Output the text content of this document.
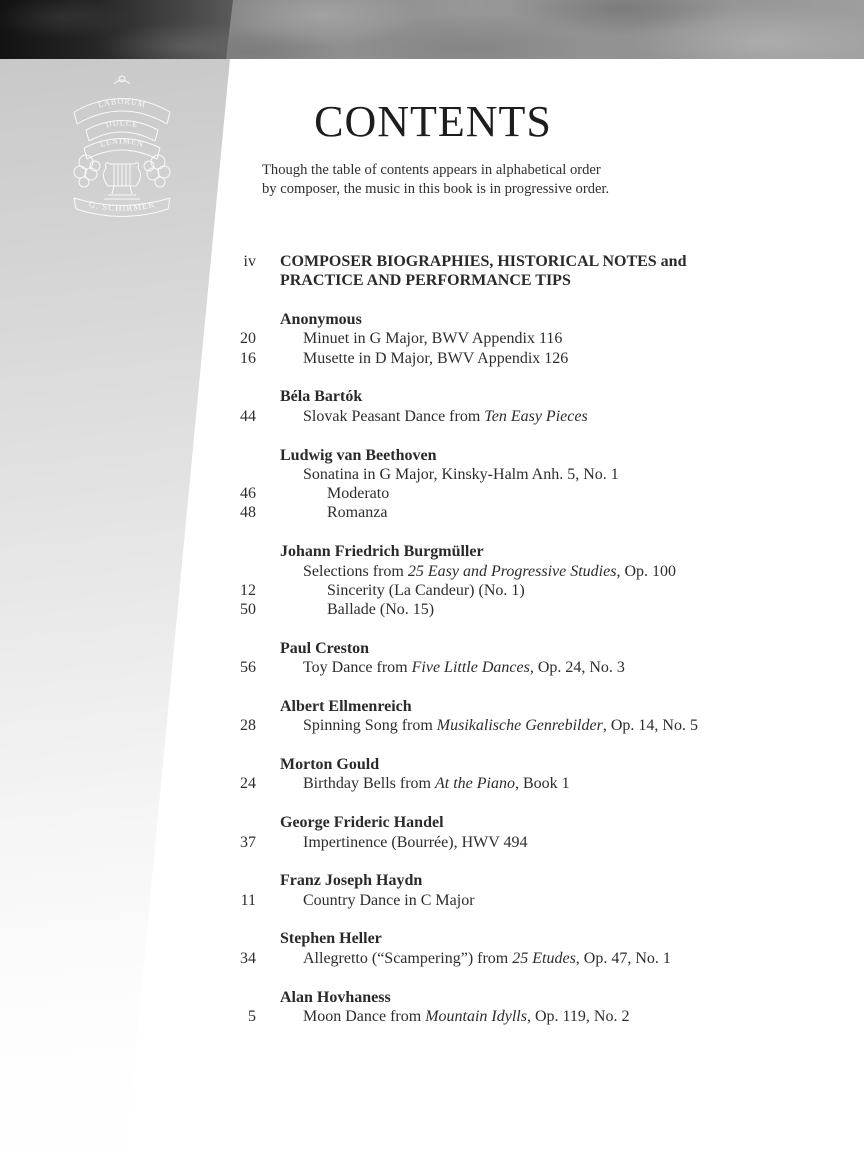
LABORUM
DULCE
LENIMEN
G. SCHIRMER
CONTENTS
Though the table of contents appears in alphabetical order
by composer, the music in this book is in progressive order.
iv COMPOSER BIOGRAPHIES, HISTORICAL NOTES and
PRACTICE AND PERFORMANCE TIPS
Anonymous
20	Minuet in G Major, BWV Appendix 116
16	Musette in D Major, BWV Appendix 126
Béla Bartók
44	Slovak Peasant Dance from Ten Easy Pieces
Ludwig van Beethoven
Sonatina in G Major, Kinsky-Halm Anh. 5, No. 1
46	Moderato
48	Romanza
Johann Friedrich Burgmüller
Selections from 25 Easy and Progressive Studies, Op. 100
12	Sincerity (La Candeur) (No. 1)
50	Ballade (No. 15)
Paul Creston
56	Toy Dance from Five Little Dances, Op. 24, No. 3
Albert Ellmenreich
28	Spinning Song from Musikalische Genrebilder, Op. 14, No. 5
Morton Gould
24	Birthday Bells from At the Piano, Book 1
George Frideric Handel
37	Impertinence (Bourrée), HWV 494
Franz Joseph Haydn
11	Country Dance in C Major
Stephen Heller
34	Allegretto (“Scampering”) from 25 Etudes, Op. 47, No. 1
Alan Hovhaness
5	Moon Dance from Mountain Idylls, Op. 119, No. 2
